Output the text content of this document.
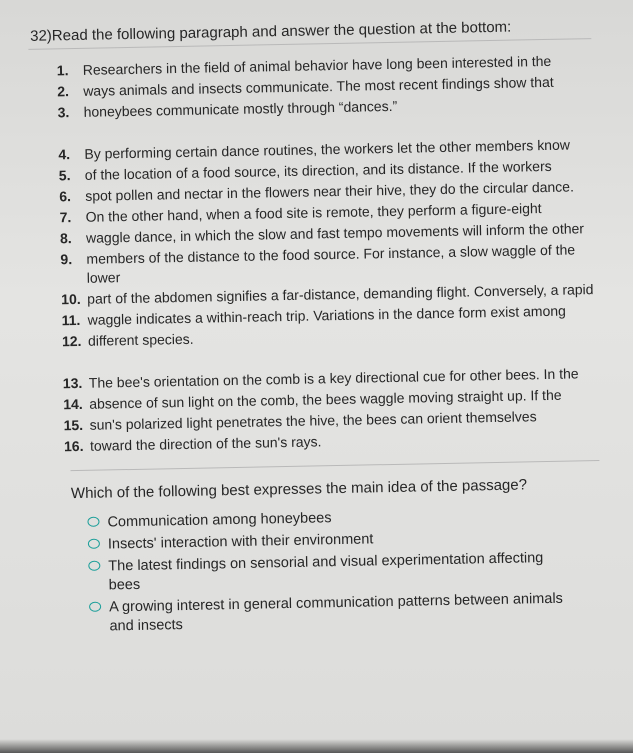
32)Read the following paragraph and answer the question at the bottom:
1.	Researchers in the field of animal behavior have long been interested in the
2.	ways animals and insects communicate. The most recent findings show that
3.	honeybees communicate mostly through “dances.”
4.	By performing certain dance routines, the workers let the other members know
5.	of the location of a food source, its direction, and its distance. If the workers
6.	spot pollen and nectar in the flowers near their hive, they do the circular dance.
7.	On the other hand, when a food site is remote, they perform a figure-eight
8.	waggle dance, in which the slow and fast tempo movements will inform the other
9.	members of the distance to the food source. For instance, a slow waggle of the lower
10. part of the abdomen signifies a far-distance, demanding flight. Conversely, a rapid
11. waggle indicates a within-reach trip. Variations in the dance form exist among
12. different species.
13. The bee's orientation on the comb is a key directional cue for other bees. In the
14. absence of sun light on the comb, the bees waggle moving straight up. If the
15. sun's polarized light penetrates the hive, the bees can orient themselves
16. toward the direction of the sun's rays.
Which of the following best expresses the main idea of the passage?
Communication among honeybees
Insects' interaction with their environment
The latest findings on sensorial and visual experimentation affecting bees
A growing interest in general communication patterns between animals and insects
